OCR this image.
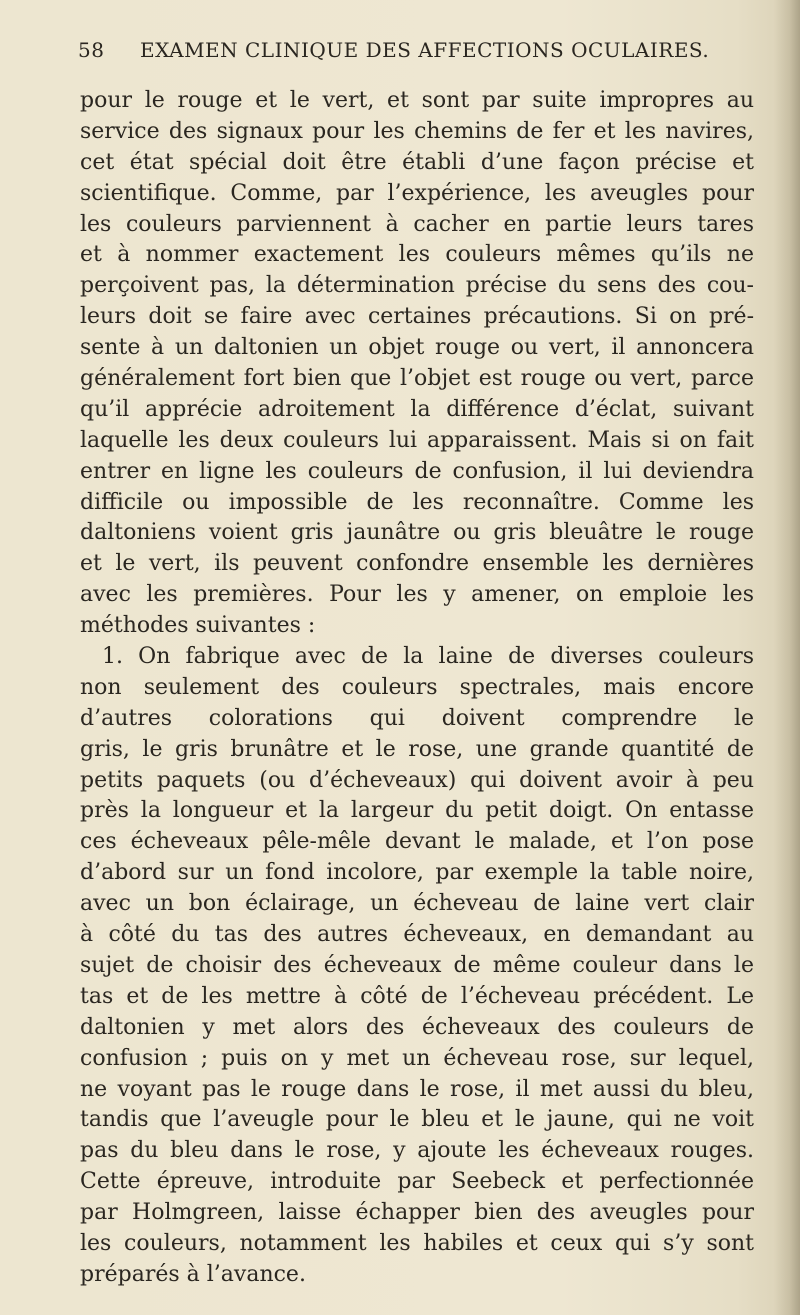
58 EXAMEN CLINIQUE DES AFFECTIONS OCULAIRES.
pour le rouge et le vert, et sont par suite impropres au
service des signaux pour les chemins de fer et les navires,
cet état spécial doit être établi d’une façon précise et
scientifique. Comme, par l’expérience, les aveugles pour
les couleurs parviennent à cacher en partie leurs tares
et à nommer exactement les couleurs mêmes qu’ils ne
perçoivent pas, la détermination précise du sens des cou-
leurs doit se faire avec certaines précautions. Si on pré-
sente à un daltonien un objet rouge ou vert, il annoncera
généralement fort bien que l’objet est rouge ou vert, parce
qu’il apprécie adroitement la différence d’éclat, suivant
laquelle les deux couleurs lui apparaissent. Mais si on fait
entrer en ligne les couleurs de confusion, il lui deviendra
difficile ou impossible de les reconnaître. Comme les
daltoniens voient gris jaunâtre ou gris bleuâtre le rouge
et le vert, ils peuvent confondre ensemble les dernières
avec les premières. Pour les y amener, on emploie les
méthodes suivantes :
1. On fabrique avec de la laine de diverses couleurs
non seulement des couleurs spectrales, mais encore
d’autres colorations qui doivent comprendre le
gris, le gris brunâtre et le rose, une grande quantité de
petits paquets (ou d’écheveaux) qui doivent avoir à peu
près la longueur et la largeur du petit doigt. On entasse
ces écheveaux pêle-mêle devant le malade, et l’on pose
d’abord sur un fond incolore, par exemple la table noire,
avec un bon éclairage, un écheveau de laine vert clair
à côté du tas des autres écheveaux, en demandant au
sujet de choisir des écheveaux de même couleur dans le
tas et de les mettre à côté de l’écheveau précédent. Le
daltonien y met alors des écheveaux des couleurs de
confusion ; puis on y met un écheveau rose, sur lequel,
ne voyant pas le rouge dans le rose, il met aussi du bleu,
tandis que l’aveugle pour le bleu et le jaune, qui ne voit
pas du bleu dans le rose, y ajoute les écheveaux rouges.
Cette épreuve, introduite par Seebeck et perfectionnée
par Holmgreen, laisse échapper bien des aveugles pour
les couleurs, notamment les habiles et ceux qui s’y sont
préparés à l’avance.
